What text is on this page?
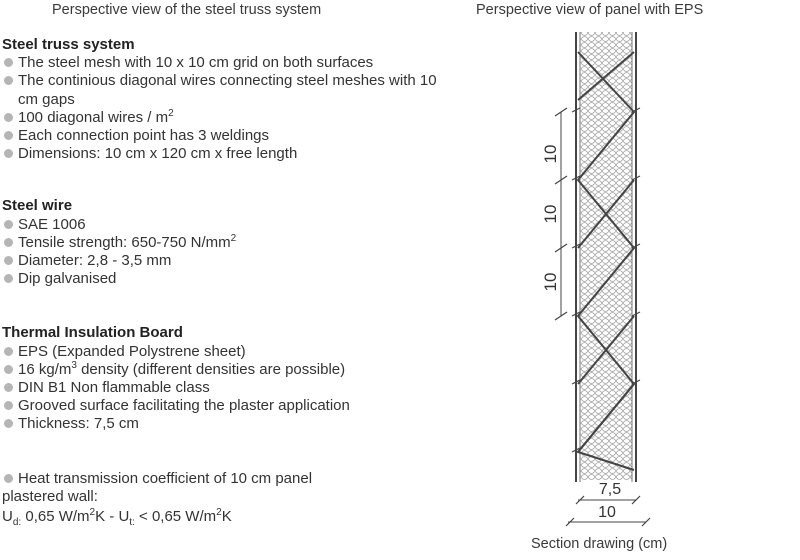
Perspective view of the steel truss system	Perspective view of panel with EPS
Steel truss system
The steel mesh with 10 x 10 cm grid on both surfaces
The continious diagonal wires connecting steel meshes with 10 cm gaps
100 diagonal wires / $m^2$
Each connection point has 3 weldings
Dimensions: 10 cm x 120 cm x free length
Steel wire
SAE 1006
Tensile strength: 650-750 $N/mm^2$
Diameter: 2,8 - 3,5 mm
Dip galvanised
Thermal Insulation Board
EPS (Expanded Polystrene sheet)
16 $kg/m^3$ density (different densities are possible)
DIN B1 Non flammable class
Grooved surface facilitating the plaster application
Thickness: 7,5 cm
Heat transmission coefficient of 10 cm panel
plastered wall:
$U_{d:}$ 0,65 $W/m^2K - U_{t:} < 0,65$ $W/m^2K$
10
10
10
7,5
10
Section drawing (cm)
